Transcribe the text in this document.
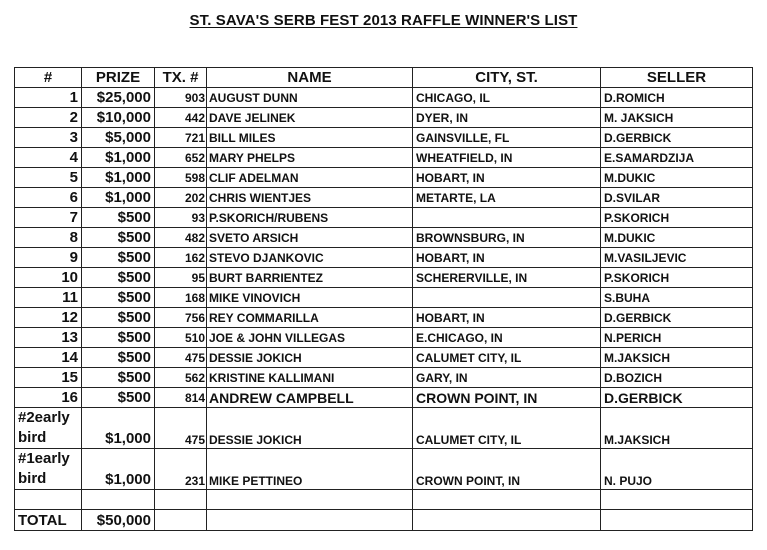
ST. SAVA'S SERB FEST 2013 RAFFLE WINNER'S LIST
#	PRIZE	TX. #	NAME	CITY, ST.	SELLER
1	$25,000	903	AUGUST DUNN	CHICAGO, IL	D.ROMICH
2	$10,000	442	DAVE JELINEK	DYER, IN	M. JAKSICH
3	$5,000	721	BILL MILES	GAINSVILLE, FL	D.GERBICK
4	$1,000	652	MARY PHELPS	WHEATFIELD, IN	E.SAMARDZIJA
5	$1,000	598	CLIF ADELMAN	HOBART, IN	M.DUKIC
6	$1,000	202	CHRIS WIENTJES	METARTE, LA	D.SVILAR
7	$500	93	P.SKORICH/RUBENS		P.SKORICH
8	$500	482	SVETO ARSICH	BROWNSBURG, IN	M.DUKIC
9	$500	162	STEVO DJANKOVIC	HOBART, IN	M.VASILJEVIC
10	$500	95	BURT BARRIENTEZ	SCHERERVILLE, IN	P.SKORICH
11	$500	168	MIKE VINOVICH		S.BUHA
12	$500	756	REY COMMARILLA	HOBART, IN	D.GERBICK
13	$500	510	JOE & JOHN VILLEGAS	E.CHICAGO, IN	N.PERICH
14	$500	475	DESSIE JOKICH	CALUMET CITY, IL	M.JAKSICH
15	$500	562	KRISTINE KALLIMANI	GARY, IN	D.BOZICH
16	$500	814	ANDREW CAMPBELL	CROWN POINT, IN	D.GERBICK
#2early
bird	$1,000	475	DESSIE JOKICH	CALUMET CITY, IL	M.JAKSICH
#1early
bird	$1,000	231	MIKE PETTINEO	CROWN POINT, IN	N. PUJO

TOTAL	$50,000				
